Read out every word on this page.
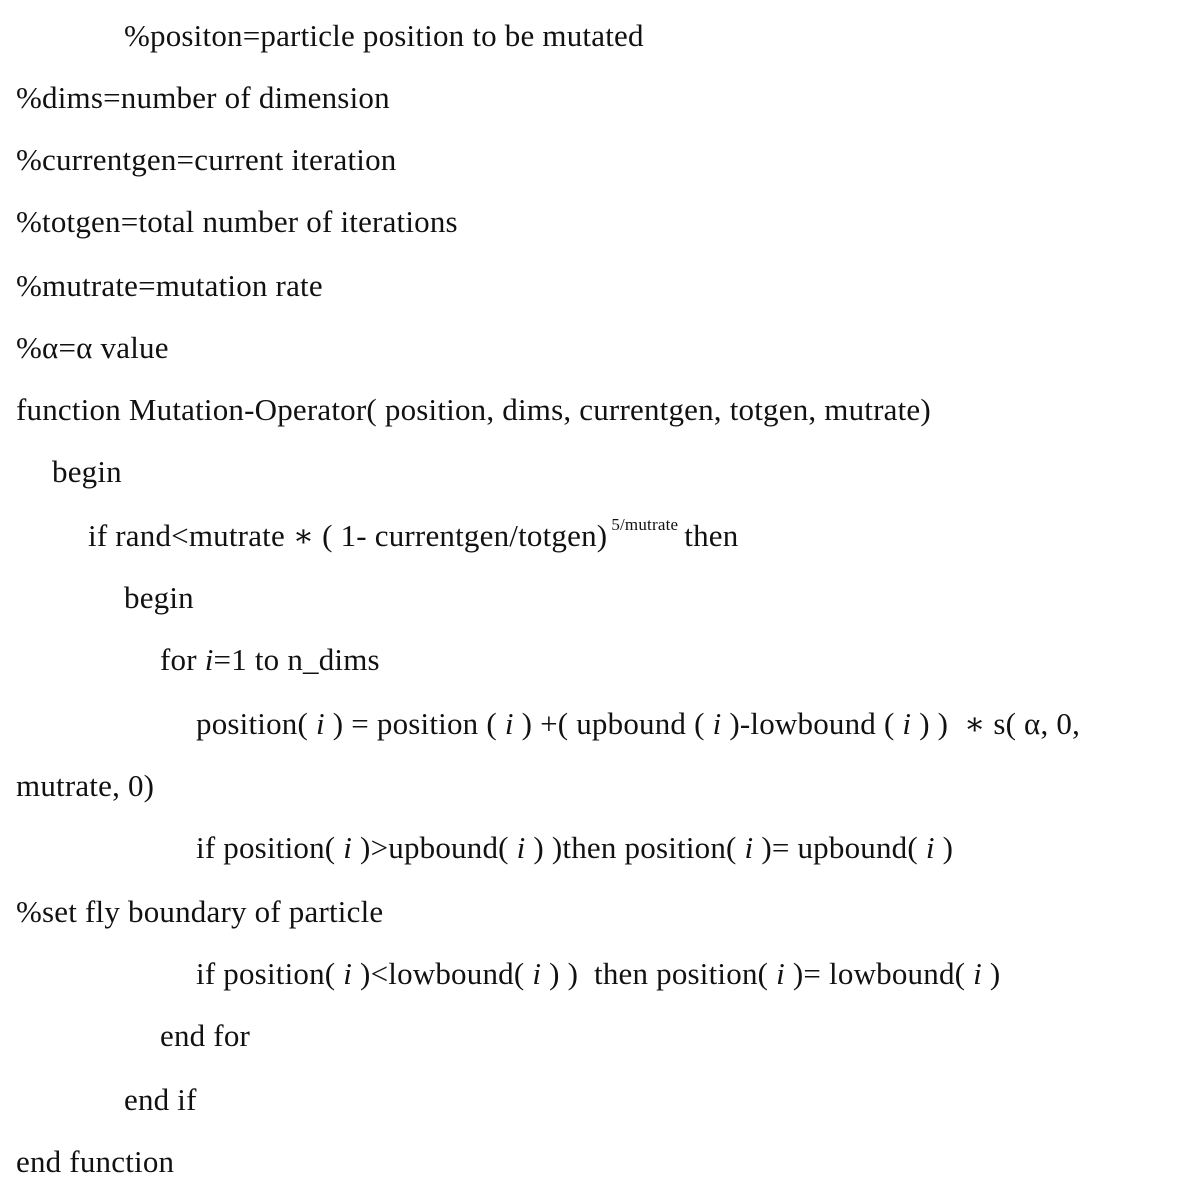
%positon=particle position to be mutated
%dims=number of dimension
%currentgen=current iteration
%totgen=total number of iterations
%mutrate=mutation rate
%α=α value
function Mutation-Operator( position, dims, currentgen, totgen, mutrate)
begin
if rand<mutrate ∗ ( 1- currentgen/totgen) $^{5/mutrate}$ then
begin
for i=1 to n_dims
position( i ) = position ( i ) +( upbound ( i )-lowbound ( i ) )  ∗ s( α, 0,
mutrate, 0)
if position( i )>upbound( i ) )then position( i )= upbound( i )
%set fly boundary of particle
if position( i )<lowbound( i ) )  then position( i )= lowbound( i )
end for
end if
end function
